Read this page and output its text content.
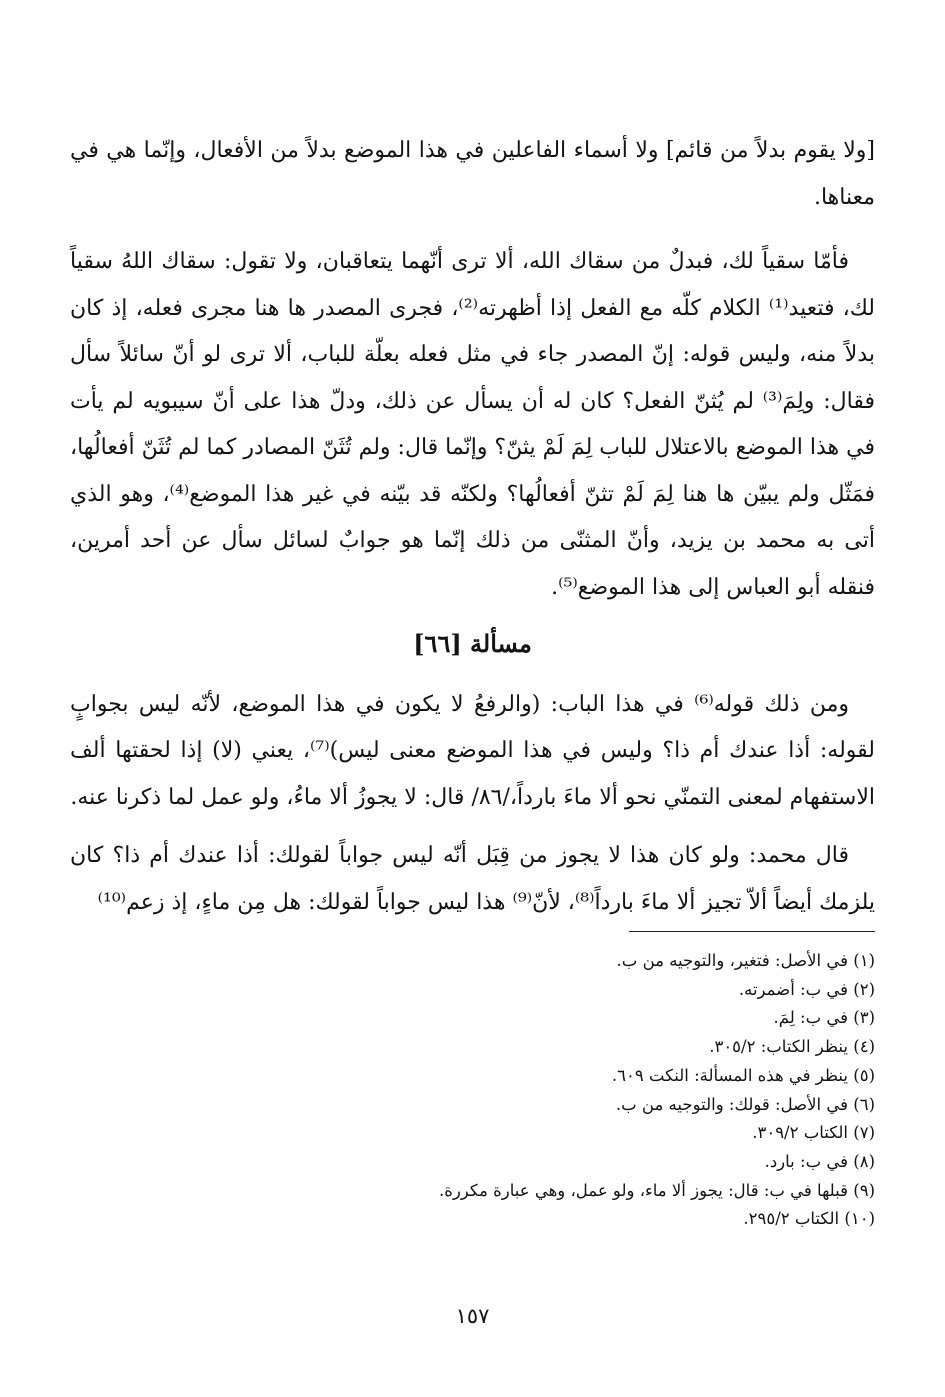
[ولا يقوم بدلاً من قائم] ولا أسماء الفاعلين في هذا الموضع بدلاً من الأفعال، وإنّما هي في معناها.

فأمّا سقياً لك، فبدلٌ من سقاك الله، ألا ترى أنّهما يتعاقبان، ولا تقول: سقاك اللهُ سقياً لك، فتعيد⁽¹⁾ الكلام كلّه مع الفعل إذا أظهرته⁽²⁾، فجرى المصدر ها هنا مجرى فعله، إذ كان بدلاً منه، وليس قوله: إنّ المصدر جاء في مثل فعله بعلّة للباب، ألا ترى لو أنّ سائلاً سأل فقال: ولِمَ⁽³⁾ لم يُثنّ الفعل؟ كان له أن يسأل عن ذلك، ودلّ هذا على أنّ سيبويه لم يأت في هذا الموضع بالاعتلال للباب لِمَ لَمْ يثنّ؟ وإنّما قال: ولم تُثَنّ المصادر كما لم تُثَنّ أفعالُها، فمَثّل ولم يبيّن ها هنا لِمَ لَمْ تثنّ أفعالُها؟ ولكنّه قد بيّنه في غير هذا الموضع⁽⁴⁾، وهو الذي أتى به محمد بن يزيد، وأنّ المثنّى من ذلك إنّما هو جوابٌ لسائل سأل عن أحد أمرين، فنقله أبو العباس إلى هذا الموضع⁽⁵⁾.

مسألة [٦٦]

ومن ذلك قوله⁽⁶⁾ في هذا الباب: (والرفعُ لا يكون في هذا الموضع، لأنّه ليس بجوابٍ لقوله: أذا عندك أم ذا؟ وليس في هذا الموضع معنى ليس)⁽⁷⁾، يعني (لا) إذا لحقتها ألف الاستفهام لمعنى التمنّي نحو ألا ماءَ بارداً،/٨٦/ قال: لا يجوزُ ألا ماءُ، ولو عمل لما ذكرنا عنه.

قال محمد: ولو كان هذا لا يجوز من قِبَل أنّه ليس جواباً لقولك: أذا عندك أم ذا؟ كان يلزمك أيضاً ألاّ تجيز ألا ماءَ بارداً⁽⁸⁾، لأنّ⁽⁹⁾ هذا ليس جواباً لقولك: هل مِن ماءٍ، إذ زعم⁽¹⁰⁾

(١) في الأصل: فتغير، والتوجيه من ب.
(٢) في ب: أضمرته.
(٣) في ب: لِمَ.
(٤) ينظر الكتاب: ٣٠٥/٢.
(٥) ينظر في هذه المسألة: النكت ٦٠٩.
(٦) في الأصل: قولك: والتوجيه من ب.
(٧) الكتاب ٣٠٩/٢.
(٨) في ب: بارد.
(٩) قبلها في ب: قال: يجوز ألا ماء، ولو عمل، وهي عبارة مكررة.
(١٠) الكتاب ٢٩٥/٢.
١٥٧
